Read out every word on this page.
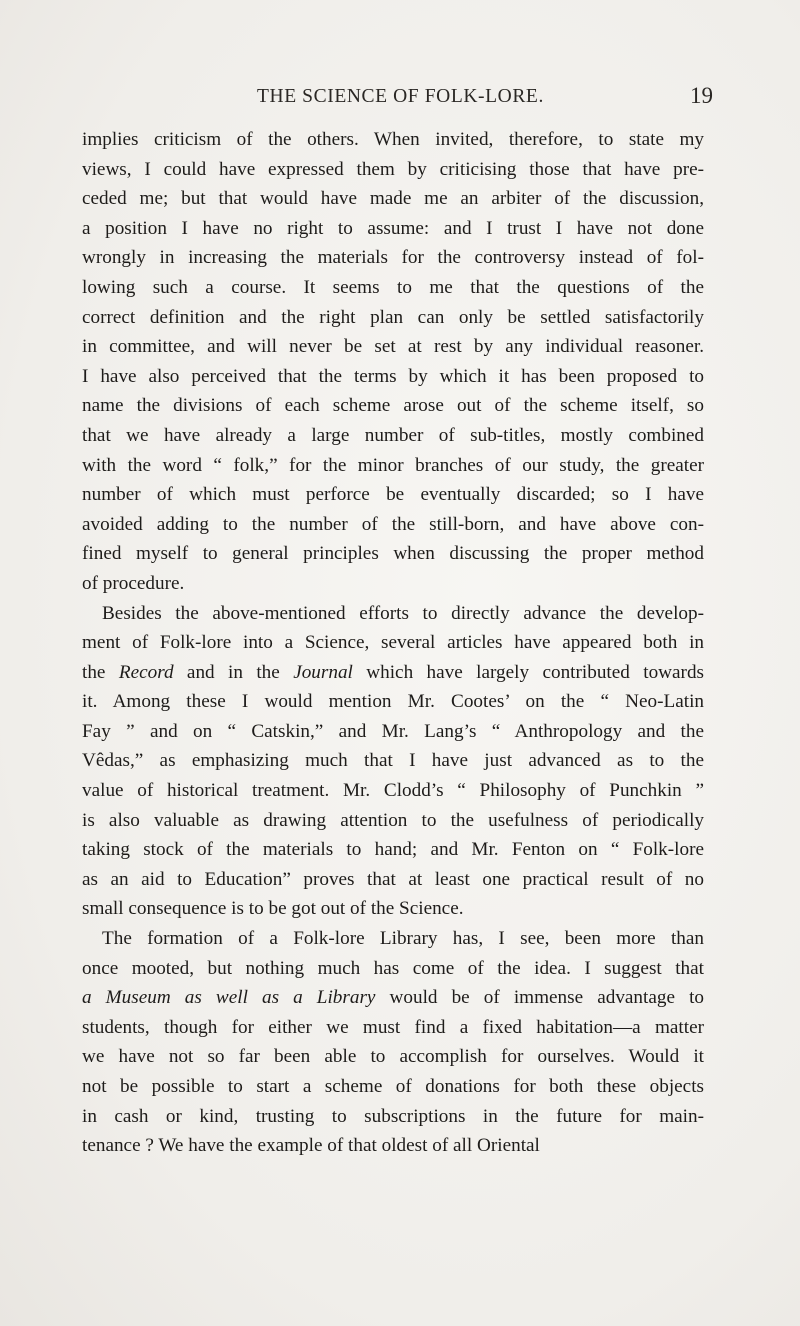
THE SCIENCE OF FOLK-LORE.	19
implies criticism of the others. When invited, therefore, to state my
views, I could have expressed them by criticising those that have pre-
ceded me; but that would have made me an arbiter of the discussion,
a position I have no right to assume: and I trust I have not done
wrongly in increasing the materials for the controversy instead of fol-
lowing such a course. It seems to me that the questions of the
correct definition and the right plan can only be settled satisfactorily
in committee, and will never be set at rest by any individual reasoner.
I have also perceived that the terms by which it has been proposed to
name the divisions of each scheme arose out of the scheme itself, so
that we have already a large number of sub-titles, mostly combined
with the word “ folk,” for the minor branches of our study, the greater
number of which must perforce be eventually discarded; so I have
avoided adding to the number of the still-born, and have above con-
fined myself to general principles when discussing the proper method
of procedure.
Besides the above-mentioned efforts to directly advance the develop-
ment of Folk-lore into a Science, several articles have appeared both in
the Record and in the Journal which have largely contributed towards
it. Among these I would mention Mr. Cootes’ on the “ Neo-Latin
Fay ” and on “ Catskin,” and Mr. Lang’s “ Anthropology and the
Vêdas,” as emphasizing much that I have just advanced as to the
value of historical treatment. Mr. Clodd’s “ Philosophy of Punchkin ”
is also valuable as drawing attention to the usefulness of periodically
taking stock of the materials to hand; and Mr. Fenton on “ Folk-lore
as an aid to Education” proves that at least one practical result of no
small consequence is to be got out of the Science.
The formation of a Folk-lore Library has, I see, been more than
once mooted, but nothing much has come of the idea. I suggest that
a Museum as well as a Library would be of immense advantage to
students, though for either we must find a fixed habitation—a matter
we have not so far been able to accomplish for ourselves. Would it
not be possible to start a scheme of donations for both these objects
in cash or kind, trusting to subscriptions in the future for main-
tenance ? We have the example of that oldest of all Oriental
